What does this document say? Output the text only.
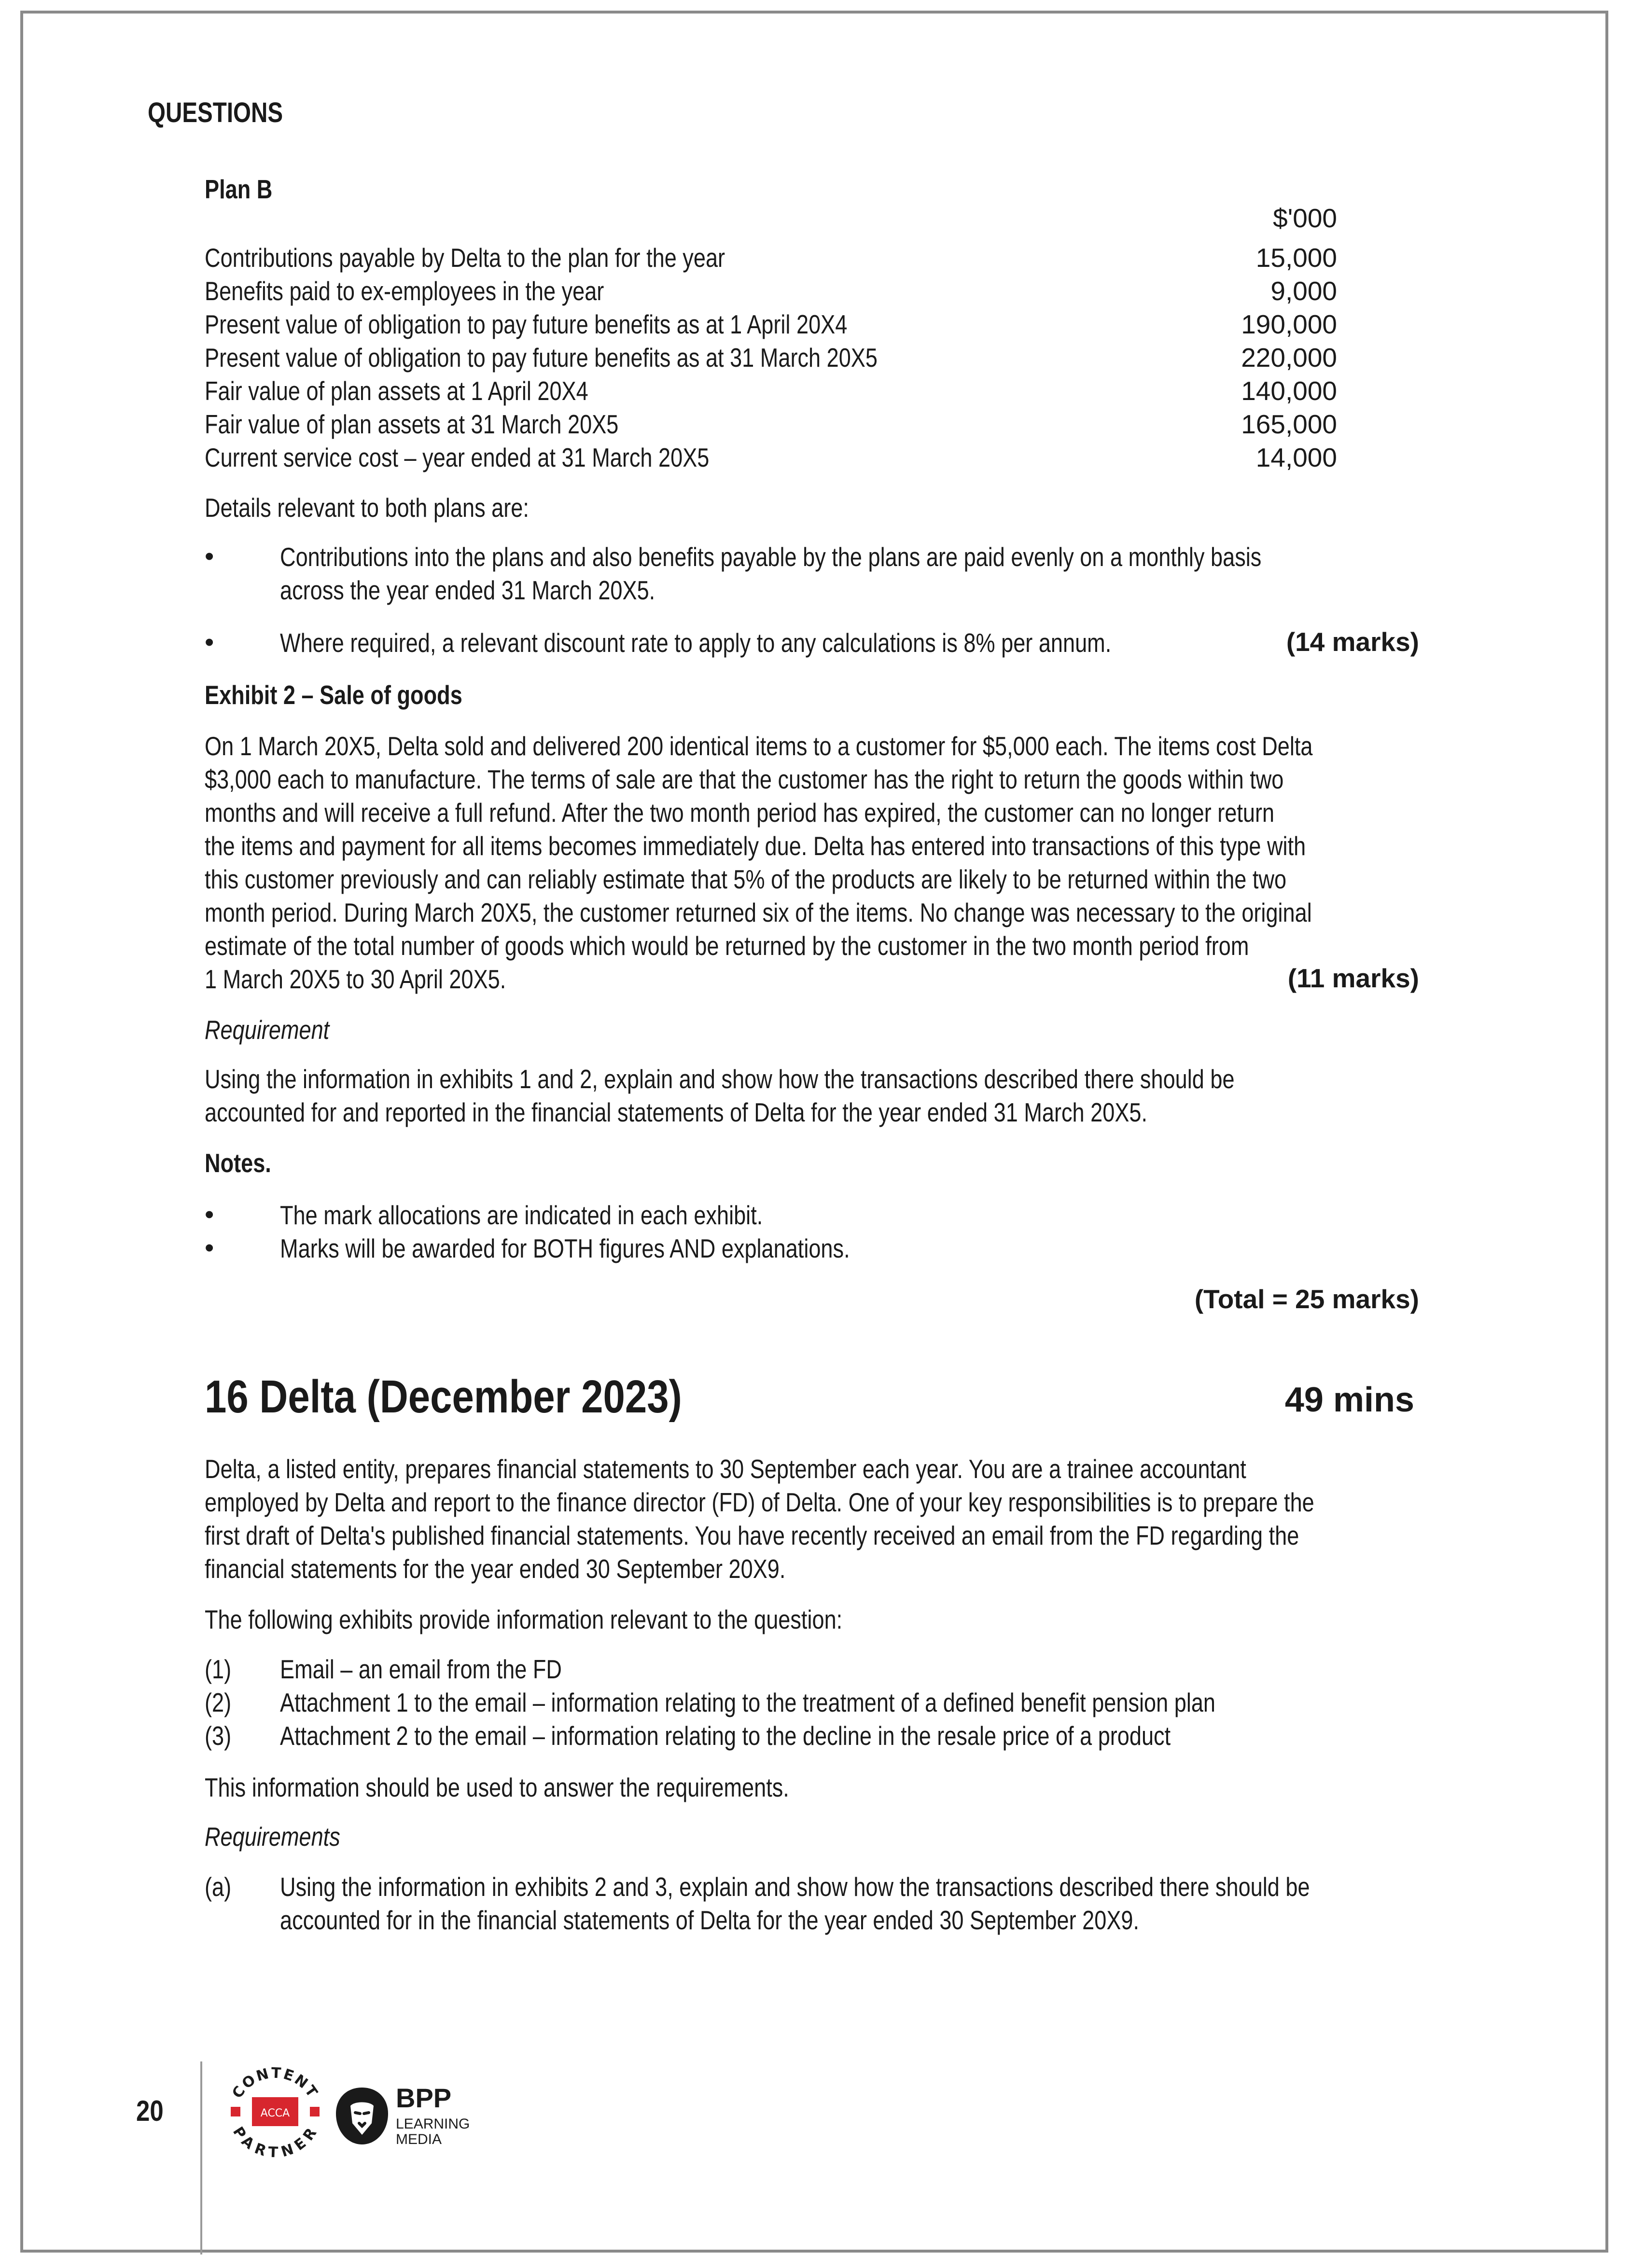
QUESTIONS
Plan B
$'000
Contributions payable by Delta to the plan for the year	15,000
Benefits paid to ex-employees in the year	9,000
Present value of obligation to pay future benefits as at 1 April 20X4	190,000
Present value of obligation to pay future benefits as at 31 March 20X5	220,000
Fair value of plan assets at 1 April 20X4	140,000
Fair value of plan assets at 31 March 20X5	165,000
Current service cost – year ended at 31 March 20X5	14,000
Details relevant to both plans are:
• Contributions into the plans and also benefits payable by the plans are paid evenly on a monthly basis
across the year ended 31 March 20X5.
• Where required, a relevant discount rate to apply to any calculations is 8% per annum.	(14 marks)
Exhibit 2 – Sale of goods
On 1 March 20X5, Delta sold and delivered 200 identical items to a customer for $5,000 each. The items cost Delta
$3,000 each to manufacture. The terms of sale are that the customer has the right to return the goods within two
months and will receive a full refund. After the two month period has expired, the customer can no longer return
the items and payment for all items becomes immediately due. Delta has entered into transactions of this type with
this customer previously and can reliably estimate that 5% of the products are likely to be returned within the two
month period. During March 20X5, the customer returned six of the items. No change was necessary to the original
estimate of the total number of goods which would be returned by the customer in the two month period from
1 March 20X5 to 30 April 20X5.	(11 marks)
Requirement
Using the information in exhibits 1 and 2, explain and show how the transactions described there should be
accounted for and reported in the financial statements of Delta for the year ended 31 March 20X5.
Notes.
• The mark allocations are indicated in each exhibit.
• Marks will be awarded for BOTH figures AND explanations.
(Total = 25 marks)
16 Delta (December 2023)	49 mins
Delta, a listed entity, prepares financial statements to 30 September each year. You are a trainee accountant
employed by Delta and report to the finance director (FD) of Delta. One of your key responsibilities is to prepare the
first draft of Delta's published financial statements. You have recently received an email from the FD regarding the
financial statements for the year ended 30 September 20X9.
The following exhibits provide information relevant to the question:
(1) Email – an email from the FD
(2) Attachment 1 to the email – information relating to the treatment of a defined benefit pension plan
(3) Attachment 2 to the email – information relating to the decline in the resale price of a product
This information should be used to answer the requirements.
Requirements
(a) Using the information in exhibits 2 and 3, explain and show how the transactions described there should be
accounted for in the financial statements of Delta for the year ended 30 September 20X9.
20
CONTENT
PARTNER
ACCA
BPP
LEARNING
MEDIA
